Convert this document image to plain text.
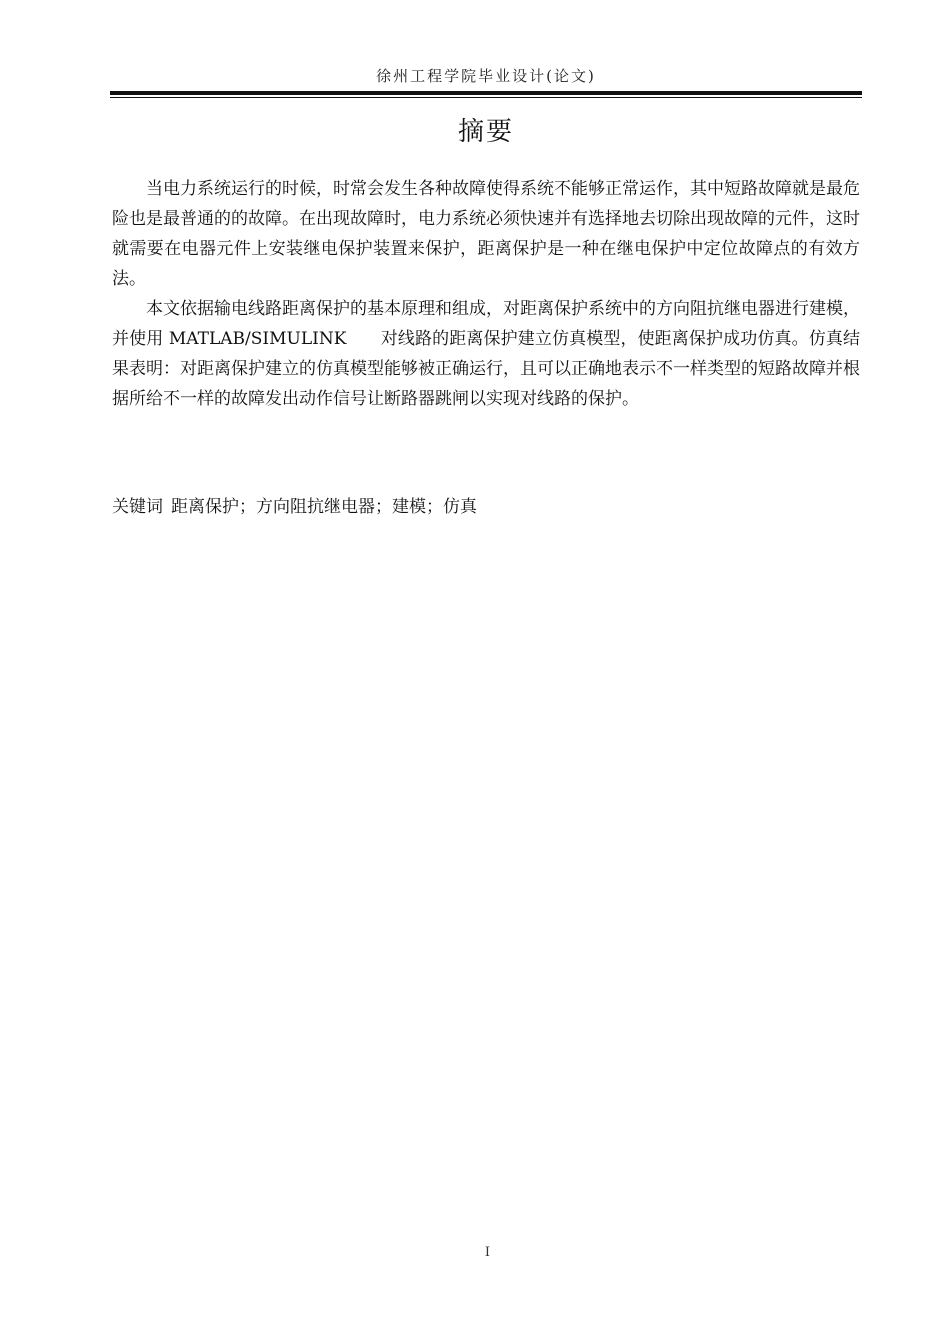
徐州工程学院毕业设计(论文)
摘要

当电力系统运行的时候，时常会发生各种故障使得系统不能够正常运作，其中短路故障就是最危险也是最普通的的故障。在出现故障时，电力系统必须快速并有选择地去切除出现故障的元件，这时就需要在电器元件上安装继电保护装置来保护，距离保护是一种在继电保护中定位故障点的有效方法。

本文依据输电线路距离保护的基本原理和组成，对距离保护系统中的方向阻抗继电器进行建模，并使用 MATLAB/SIMULINK　　对线路的距离保护建立仿真模型，使距离保护成功仿真。仿真结果表明：对距离保护建立的仿真模型能够被正确运行，且可以正确地表示不一样类型的短路故障并根据所给不一样的故障发出动作信号让断路器跳闸以实现对线路的保护。

关键词 距离保护；方向阻抗继电器；建模；仿真
I
